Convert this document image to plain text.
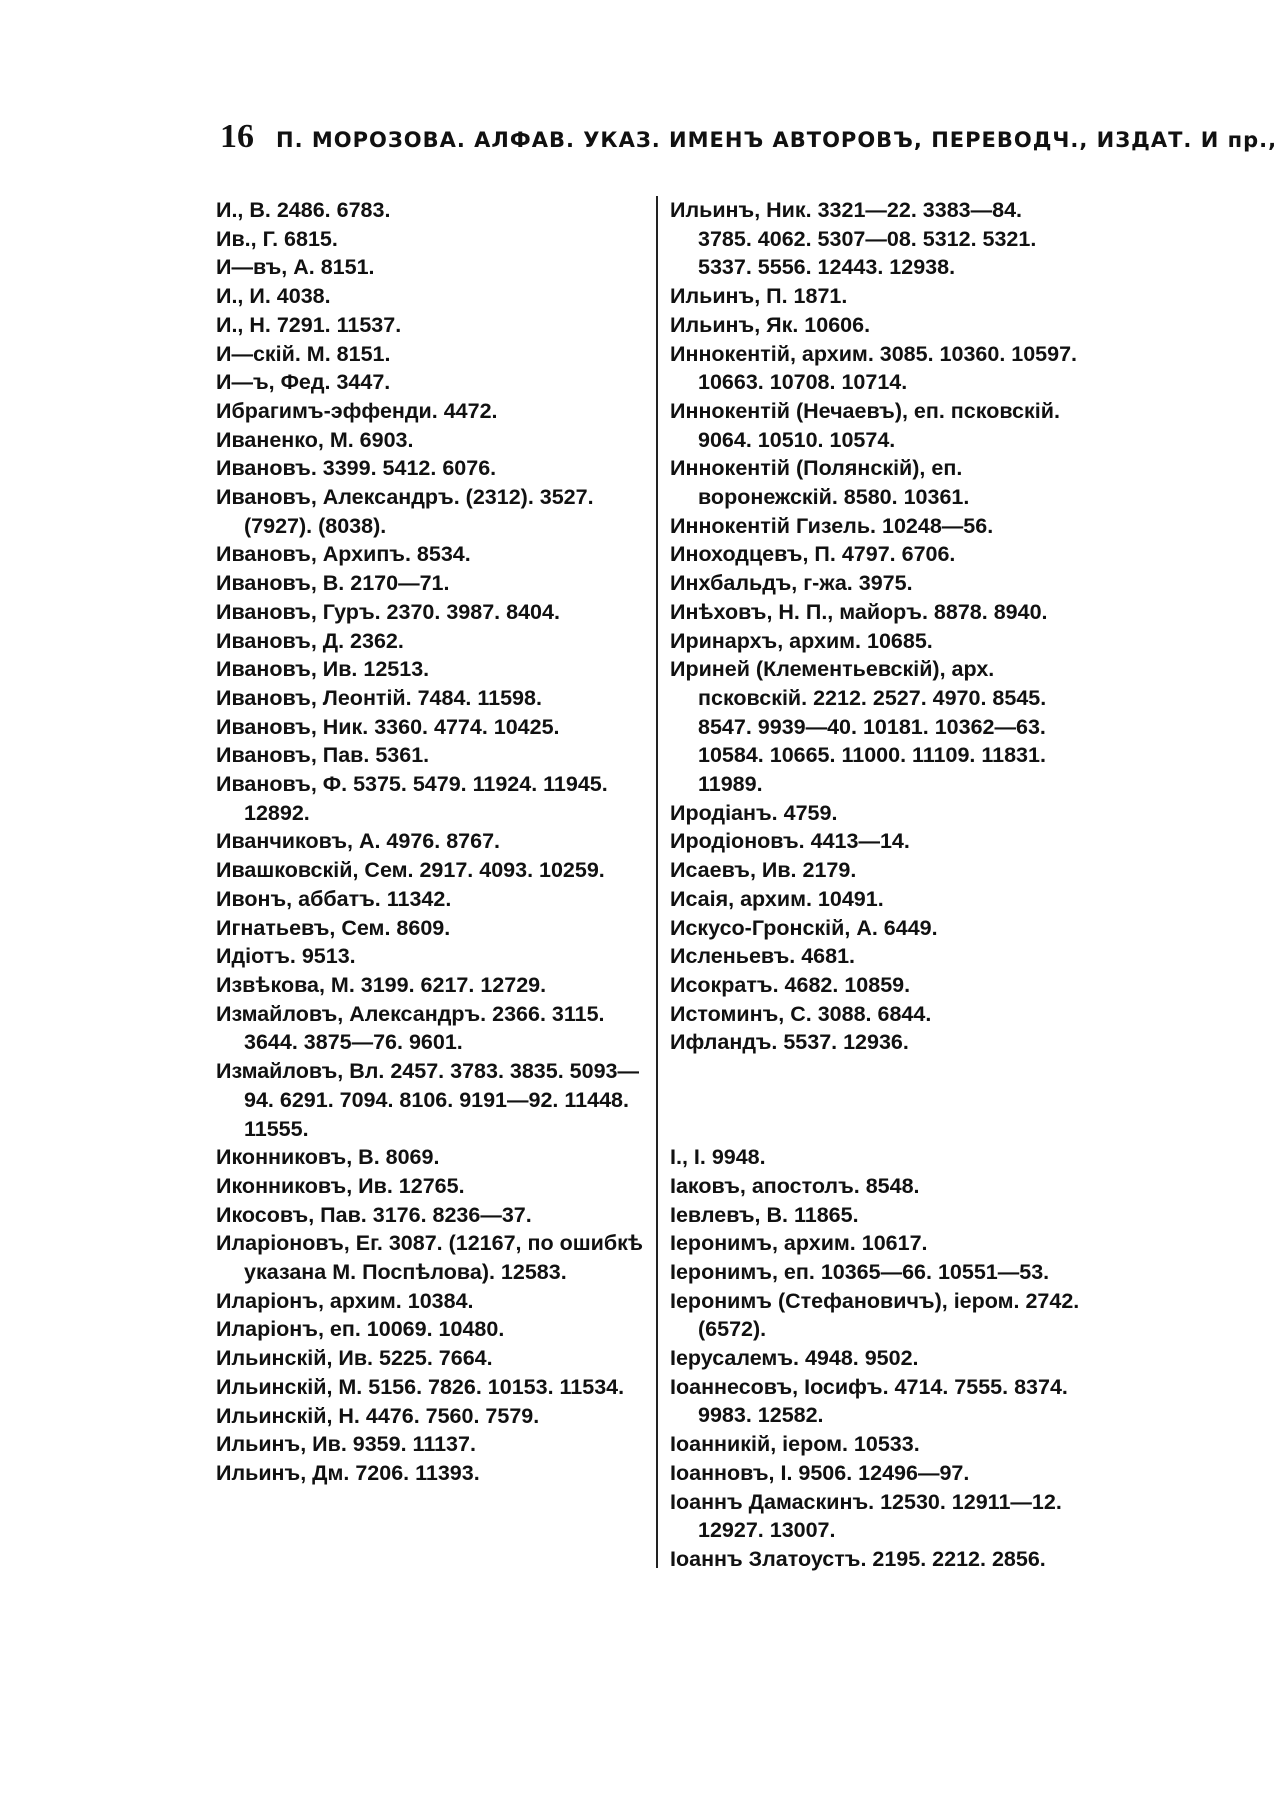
16 П. МОРОЗОВА. АЛФАВ. УКАЗ. ИМЕНЪ АВТОРОВЪ, ПЕРЕВОДЧ., ИЗДАТ. И пр.,
И., В. 2486. 6783.
Ив., Г. 6815.
И—въ, А. 8151.
И., И. 4038.
И., Н. 7291. 11537.
И—скій. М. 8151.
И—ъ, Фед. 3447.
Ибрагимъ-эффенди. 4472.
Иваненко, М. 6903.
Ивановъ. 3399. 5412. 6076.
Ивановъ, Александръ. (2312). 3527. (7927). (8038).
Ивановъ, Архипъ. 8534.
Ивановъ, В. 2170—71.
Ивановъ, Гуръ. 2370. 3987. 8404.
Ивановъ, Д. 2362.
Ивановъ, Ив. 12513.
Ивановъ, Леонтій. 7484. 11598.
Ивановъ, Ник. 3360. 4774. 10425.
Ивановъ, Пав. 5361.
Ивановъ, Ф. 5375. 5479. 11924. 11945. 12892.
Иванчиковъ, А. 4976. 8767.
Ивашковскій, Сем. 2917. 4093. 10259.
Ивонъ, аббатъ. 11342.
Игнатьевъ, Сем. 8609.
Идіотъ. 9513.
Извѣкова, М. 3199. 6217. 12729.
Измайловъ, Александръ. 2366. 3115. 3644. 3875—76. 9601.
Измайловъ, Вл. 2457. 3783. 3835. 5093—94. 6291. 7094. 8106. 9191—92. 11448. 11555.
Иконниковъ, В. 8069.
Иконниковъ, Ив. 12765.
Икосовъ, Пав. 3176. 8236—37.
Иларіоновъ, Ег. 3087. (12167, по ошибкѣ указана М. Поспѣлова). 12583.
Иларіонъ, архим. 10384.
Иларіонъ, еп. 10069. 10480.
Ильинскій, Ив. 5225. 7664.
Ильинскій, М. 5156. 7826. 10153. 11534.
Ильинскій, Н. 4476. 7560. 7579.
Ильинъ, Ив. 9359. 11137.
Ильинъ, Дм. 7206. 11393.
Ильинъ, Ник. 3321—22. 3383—84. 3785. 4062. 5307—08. 5312. 5321. 5337. 5556. 12443. 12938.
Ильинъ, П. 1871.
Ильинъ, Як. 10606.
Иннокентій, архим. 3085. 10360. 10597. 10663. 10708. 10714.
Иннокентій (Нечаевъ), еп. псковскій. 9064. 10510. 10574.
Иннокентій (Полянскій), еп. воронежскій. 8580. 10361.
Иннокентій Гизель. 10248—56.
Иноходцевъ, П. 4797. 6706.
Инхбальдъ, г-жа. 3975.
Инѣховъ, Н. П., майоръ. 8878. 8940.
Иринархъ, архим. 10685.
Ириней (Клементьевскій), арх. псковскій. 2212. 2527. 4970. 8545. 8547. 9939—40. 10181. 10362—63. 10584. 10665. 11000. 11109. 11831. 11989.
Иродіанъ. 4759.
Иродіоновъ. 4413—14.
Исаевъ, Ив. 2179.
Исаія, архим. 10491.
Искусо-Гронскій, А. 6449.
Исленьевъ. 4681.
Исократъ. 4682. 10859.
Истоминъ, С. 3088. 6844.
Ифландъ. 5537. 12936.
І., І. 9948.
Іаковъ, апостолъ. 8548.
Іевлевъ, В. 11865.
Іеронимъ, архим. 10617.
Іеронимъ, еп. 10365—66. 10551—53.
Іеронимъ (Стефановичъ), іером. 2742. (6572).
Іерусалемъ. 4948. 9502.
Іоаннесовъ, Іосифъ. 4714. 7555. 8374. 9983. 12582.
Іоанникій, іером. 10533.
Іоанновъ, І. 9506. 12496—97.
Іоаннъ Дамаскинъ. 12530. 12911—12. 12927. 13007.
Іоаннъ Златоустъ. 2195. 2212. 2856.
